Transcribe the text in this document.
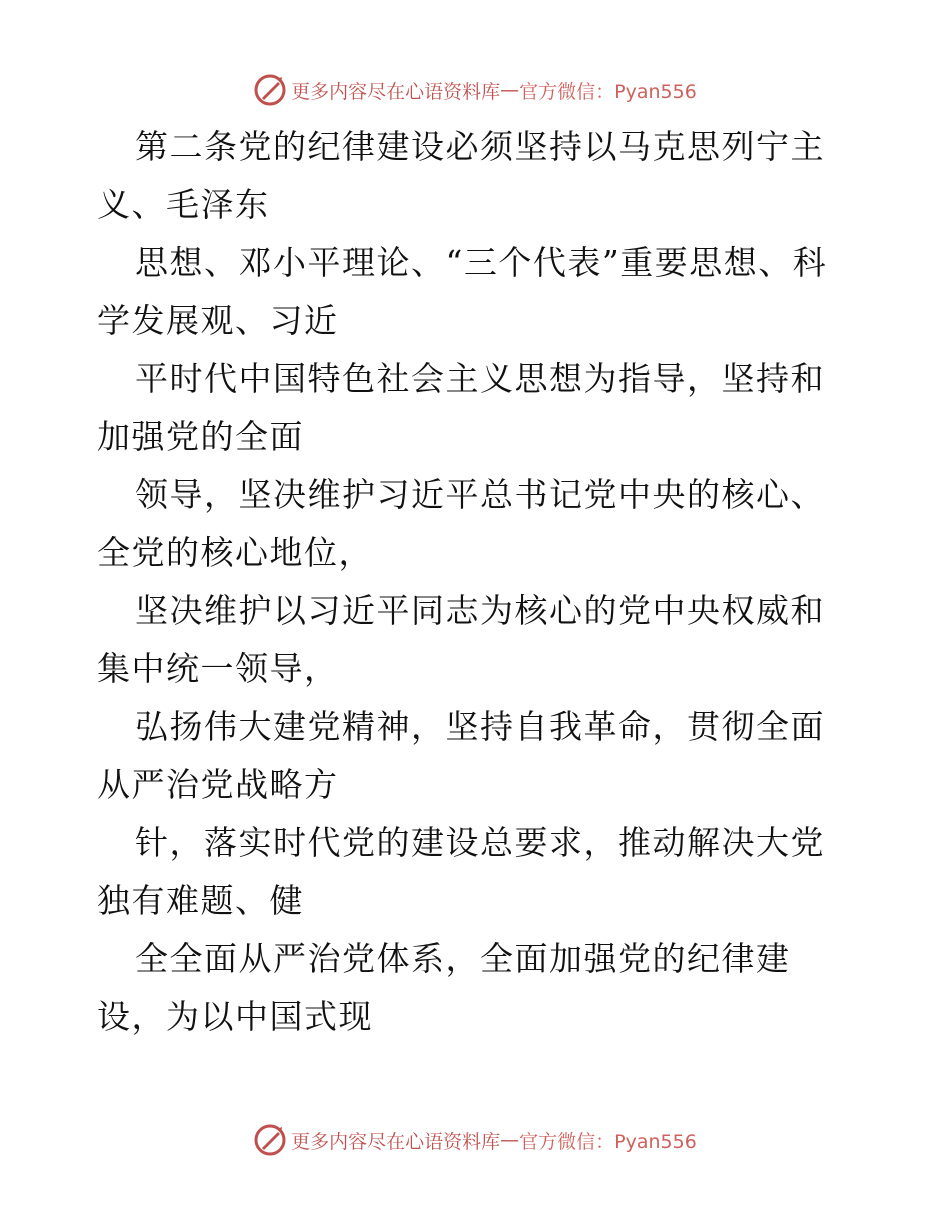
更多内容尽在心语资料库 — 官方微信：Pyan556

第二条党的纪律建设必须坚持以马克思列宁主义、毛泽东

思想、邓小平理论、“三个代表”重要思想、科学发展观、习近

平时代中国特色社会主义思想为指导，坚持和加强党的全面

领导，坚决维护习近平总书记党中央的核心、全党的核心地位，

坚决维护以习近平同志为核心的党中央权威和集中统一领导，

弘扬伟大建党精神，坚持自我革命，贯彻全面从严治党战略方

针，落实时代党的建设总要求，推动解决大党独有难题、健

全全面从严治党体系，全面加强党的纪律建设，为以中国式现

更多内容尽在心语资料库 — 官方微信：Pyan556
